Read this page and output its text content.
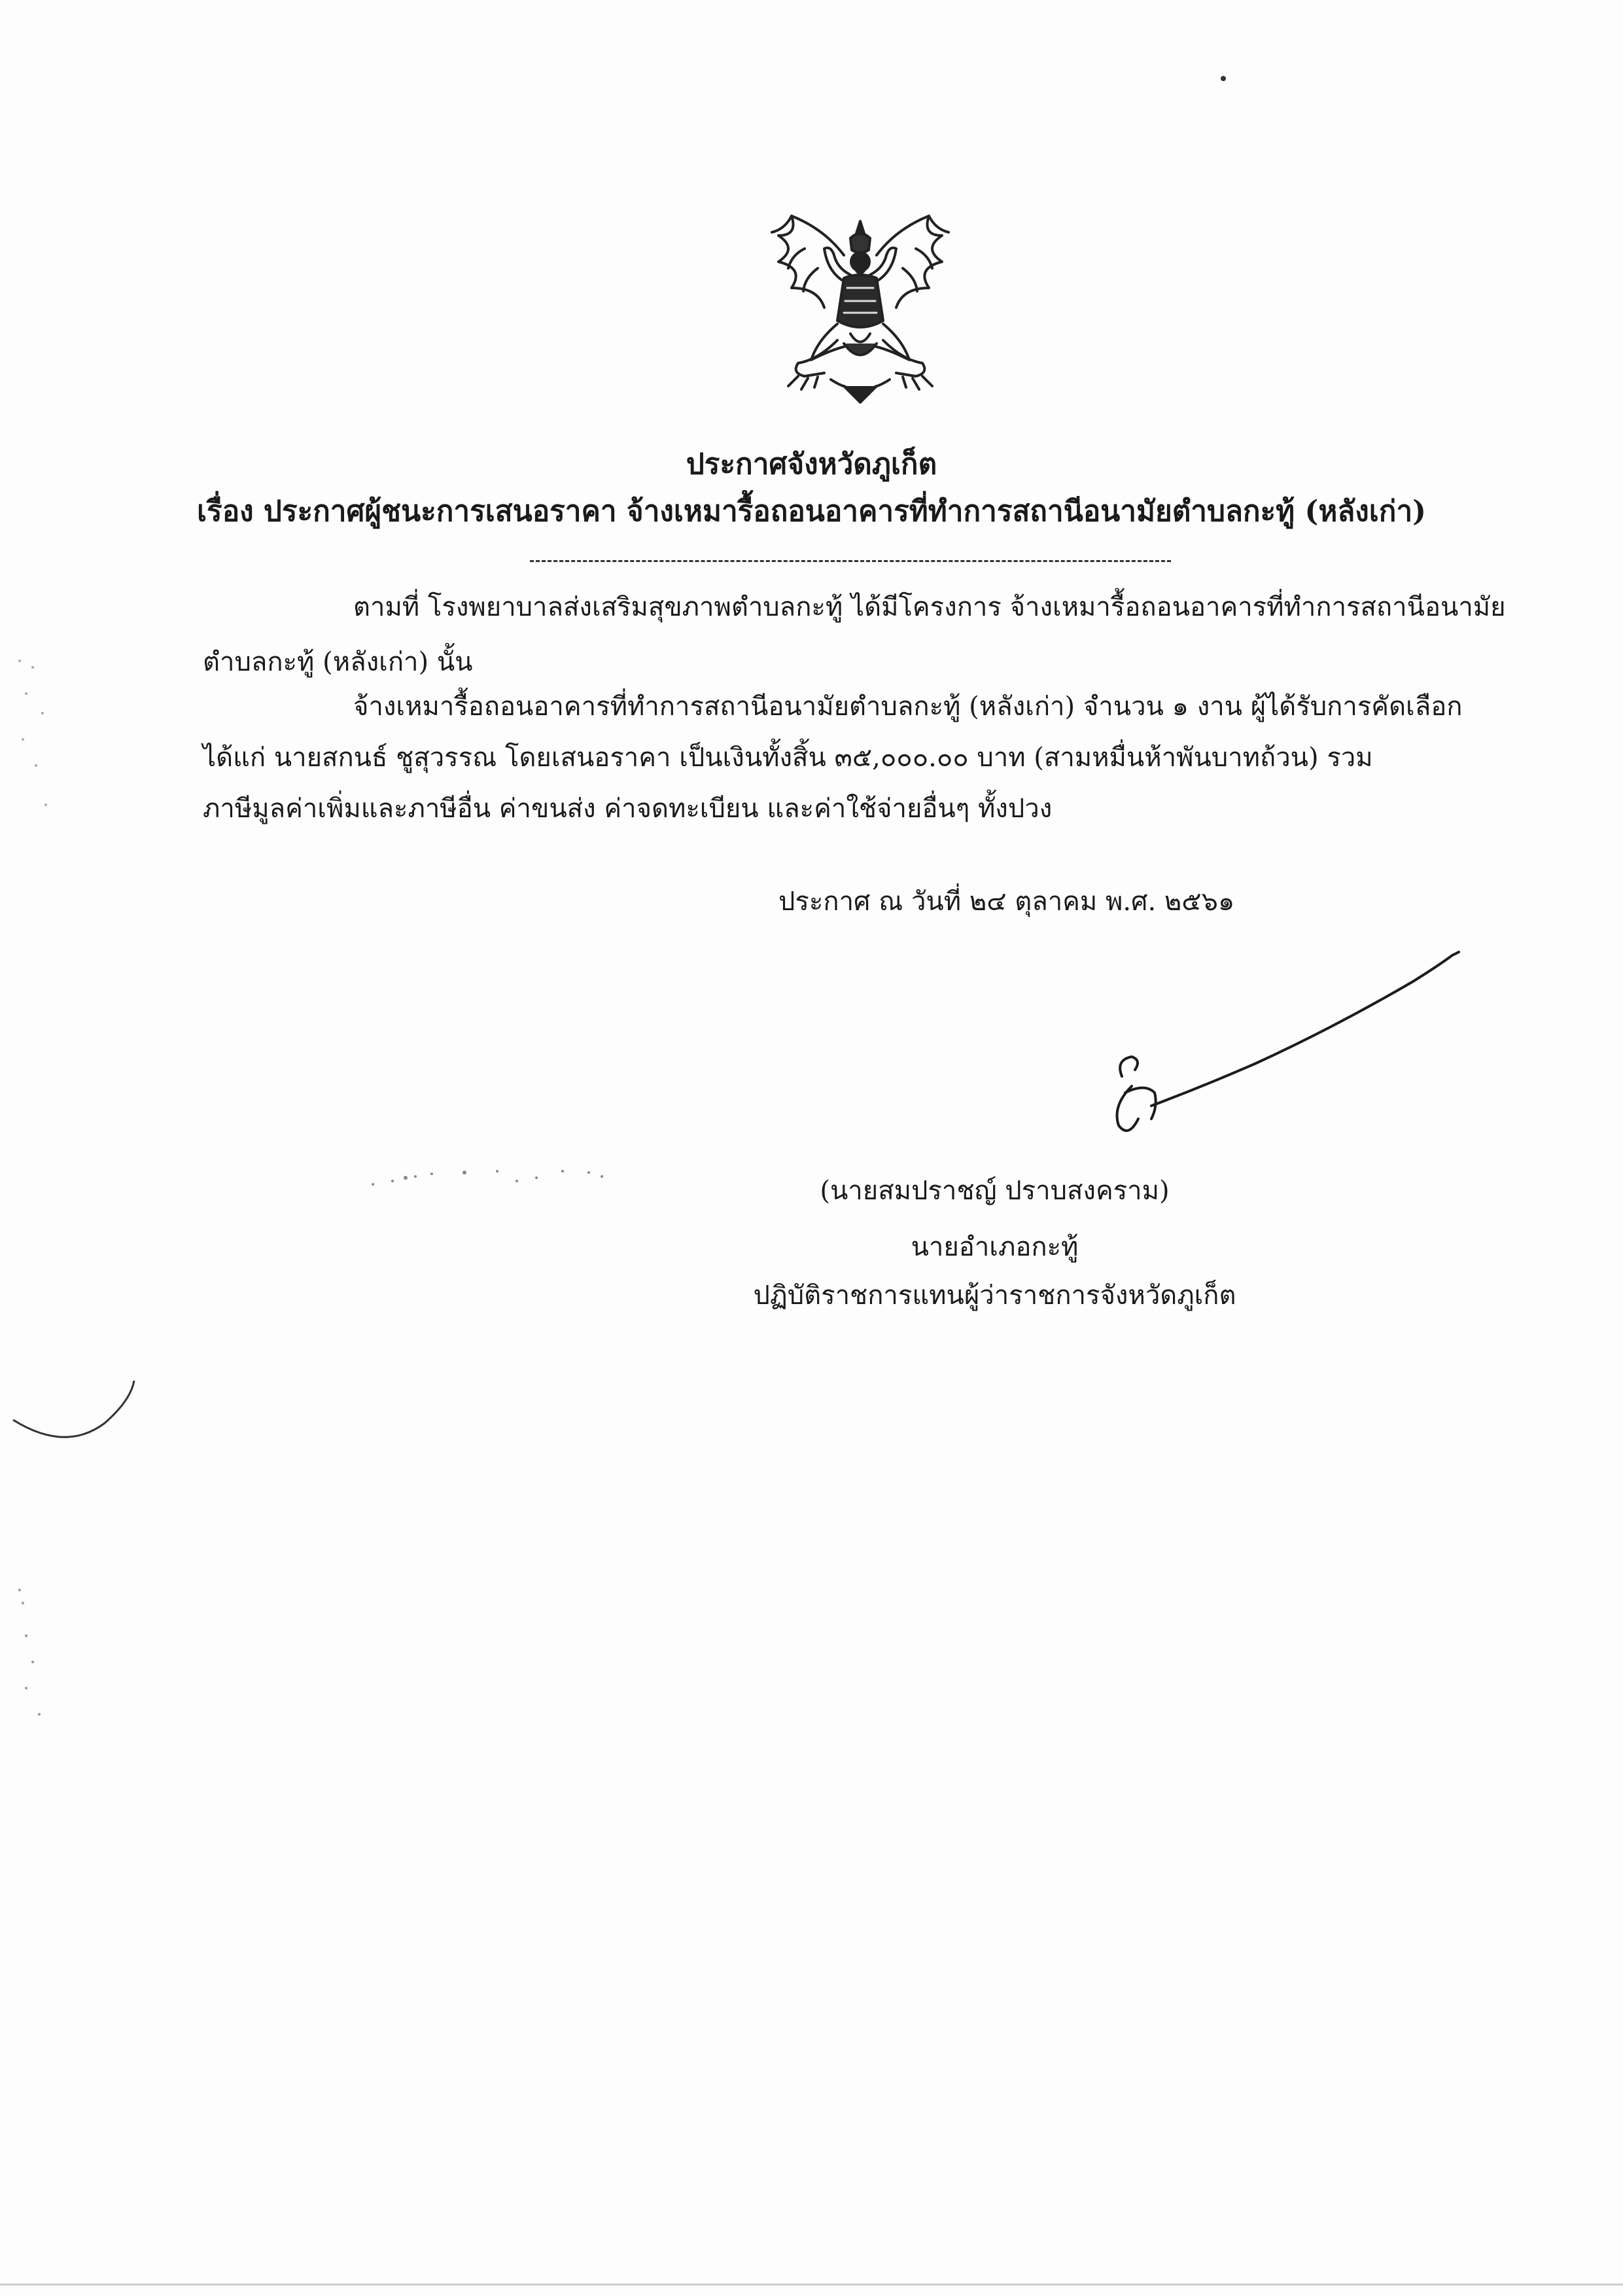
ประกาศจังหวัดภูเก็ต
เรื่อง ประกาศผู้ชนะการเสนอราคา จ้างเหมารื้อถอนอาคารที่ทำการสถานีอนามัยตำบลกะทู้ (หลังเก่า)
ตามที่ โรงพยาบาลส่งเสริมสุขภาพตำบลกะทู้ ได้มีโครงการ จ้างเหมารื้อถอนอาคารที่ทำการสถานีอนามัย
ตำบลกะทู้ (หลังเก่า) นั้น
จ้างเหมารื้อถอนอาคารที่ทำการสถานีอนามัยตำบลกะทู้ (หลังเก่า) จำนวน ๑ งาน ผู้ได้รับการคัดเลือก
ได้แก่ นายสกนธ์ ชูสุวรรณ โดยเสนอราคา เป็นเงินทั้งสิ้น ๓๕,๐๐๐.๐๐ บาท (สามหมื่นห้าพันบาทถ้วน) รวม
ภาษีมูลค่าเพิ่มและภาษีอื่น ค่าขนส่ง ค่าจดทะเบียน และค่าใช้จ่ายอื่นๆ ทั้งปวง
ประกาศ ณ วันที่ ๒๔ ตุลาคม พ.ศ. ๒๕๖๑
(นายสมปราชญ์ ปราบสงคราม)
นายอำเภอกะทู้
ปฏิบัติราชการแทนผู้ว่าราชการจังหวัดภูเก็ต
